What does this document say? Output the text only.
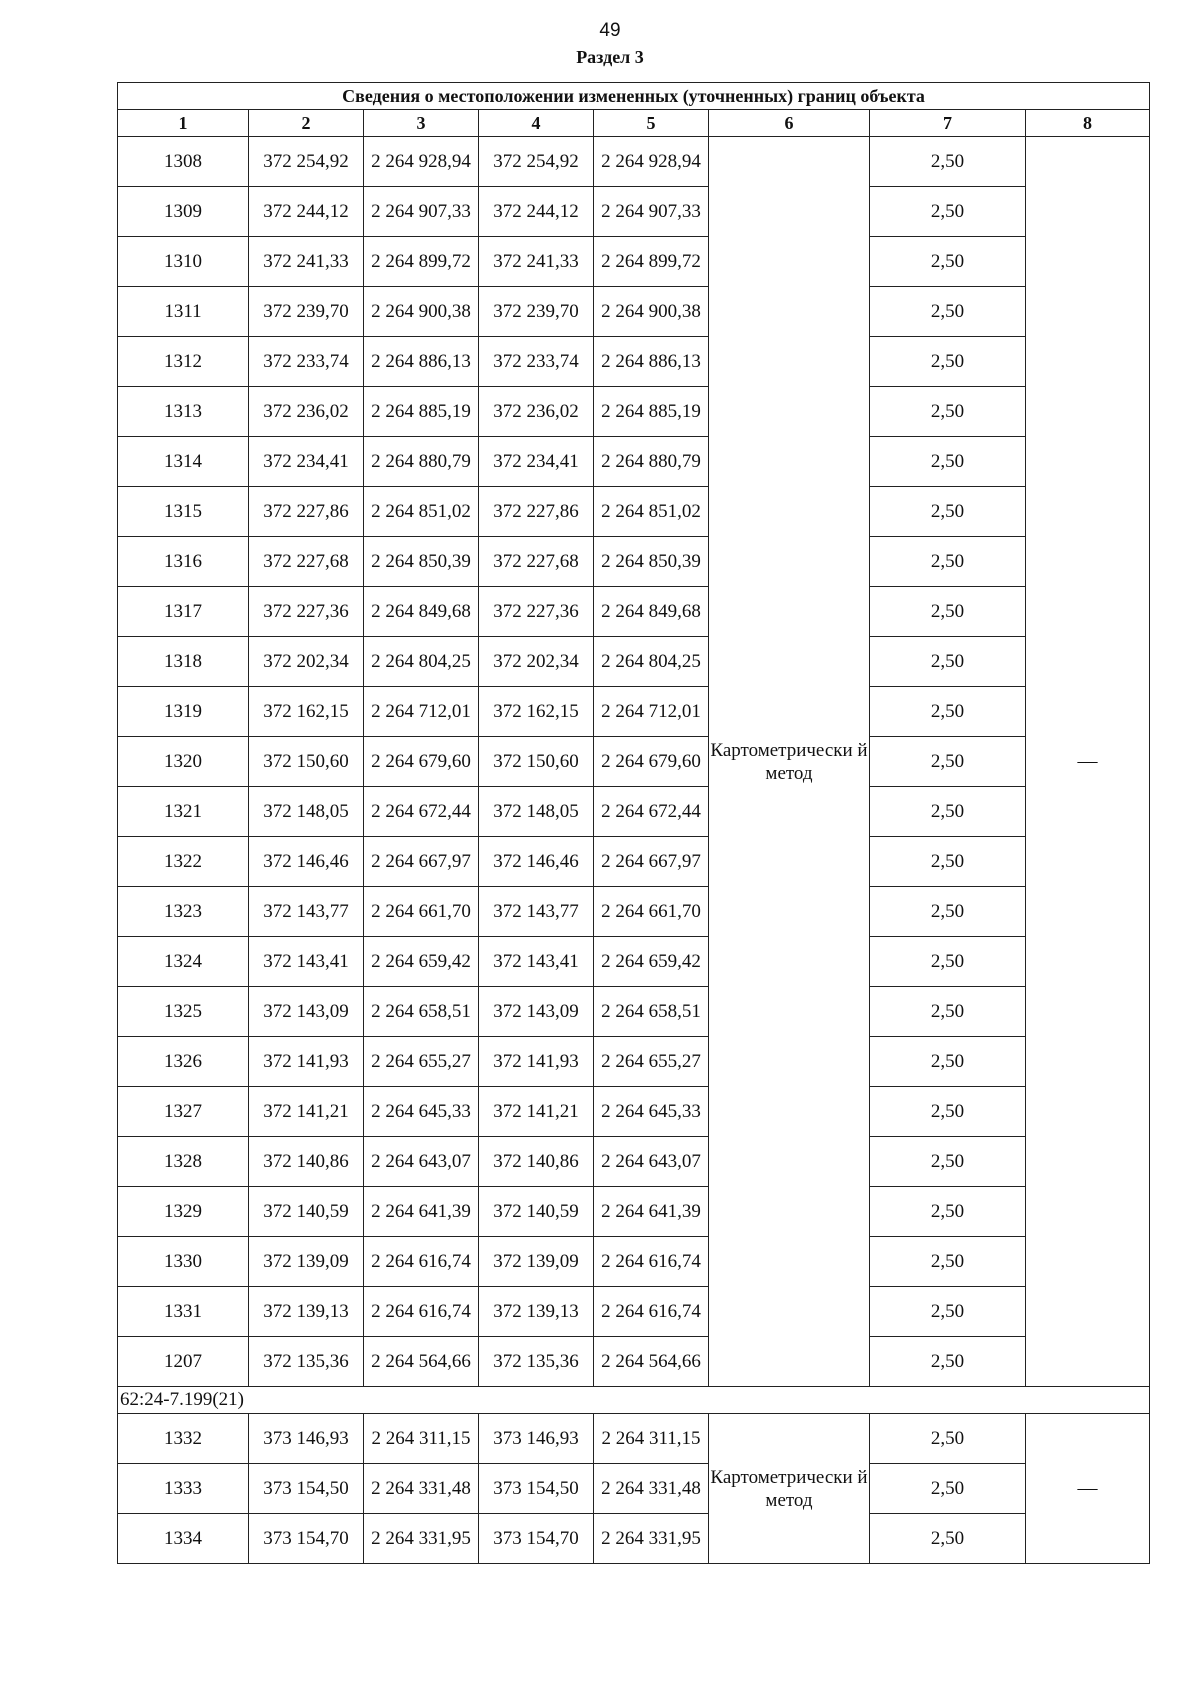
49
Раздел 3
Сведения о местоположении измененных (уточненных) границ объекта							
1	2	3	4	5	6	7	8
1308	372 254,92	2 264 928,94	372 254,92	2 264 928,94	Картометрически й метод	2,50	—
1309	372 244,12	2 264 907,33	372 244,12	2 264 907,33		2,50	
1310	372 241,33	2 264 899,72	372 241,33	2 264 899,72		2,50	
1311	372 239,70	2 264 900,38	372 239,70	2 264 900,38		2,50	
1312	372 233,74	2 264 886,13	372 233,74	2 264 886,13		2,50	
1313	372 236,02	2 264 885,19	372 236,02	2 264 885,19		2,50	
1314	372 234,41	2 264 880,79	372 234,41	2 264 880,79		2,50	
1315	372 227,86	2 264 851,02	372 227,86	2 264 851,02		2,50	
1316	372 227,68	2 264 850,39	372 227,68	2 264 850,39		2,50	
1317	372 227,36	2 264 849,68	372 227,36	2 264 849,68		2,50	
1318	372 202,34	2 264 804,25	372 202,34	2 264 804,25		2,50	
1319	372 162,15	2 264 712,01	372 162,15	2 264 712,01		2,50	
1320	372 150,60	2 264 679,60	372 150,60	2 264 679,60		2,50	
1321	372 148,05	2 264 672,44	372 148,05	2 264 672,44		2,50	
1322	372 146,46	2 264 667,97	372 146,46	2 264 667,97		2,50	
1323	372 143,77	2 264 661,70	372 143,77	2 264 661,70		2,50	
1324	372 143,41	2 264 659,42	372 143,41	2 264 659,42		2,50	
1325	372 143,09	2 264 658,51	372 143,09	2 264 658,51		2,50	
1326	372 141,93	2 264 655,27	372 141,93	2 264 655,27		2,50	
1327	372 141,21	2 264 645,33	372 141,21	2 264 645,33		2,50	
1328	372 140,86	2 264 643,07	372 140,86	2 264 643,07		2,50	
1329	372 140,59	2 264 641,39	372 140,59	2 264 641,39		2,50	
1330	372 139,09	2 264 616,74	372 139,09	2 264 616,74		2,50	
1331	372 139,13	2 264 616,74	372 139,13	2 264 616,74		2,50	
1207	372 135,36	2 264 564,66	372 135,36	2 264 564,66		2,50	
62:24-7.199(21)							
1332	373 146,93	2 264 311,15	373 146,93	2 264 311,15	Картометрически й метод	2,50	—
1333	373 154,50	2 264 331,48	373 154,50	2 264 331,48		2,50	
1334	373 154,70	2 264 331,95	373 154,70	2 264 331,95		2,50	
